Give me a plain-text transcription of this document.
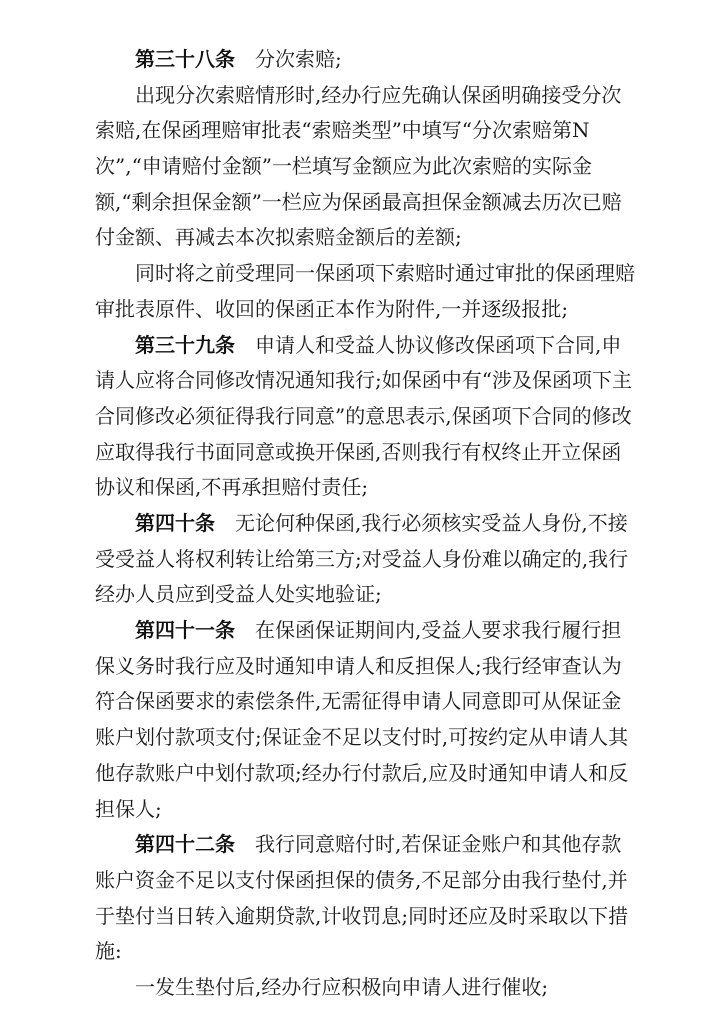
第三十八条 分次索赔;
出现分次索赔情形时,经办行应先确认保函明确接受分次
索赔,在保函理赔审批表“索赔类型”中填写“分次索赔第N
次”,“申请赔付金额”一栏填写金额应为此次索赔的实际金
额,“剩余担保金额”一栏应为保函最高担保金额减去历次已赔
付金额、再减去本次拟索赔金额后的差额;
同时将之前受理同一保函项下索赔时通过审批的保函理赔
审批表原件、收回的保函正本作为附件,一并逐级报批;
第三十九条 申请人和受益人协议修改保函项下合同,申
请人应将合同修改情况通知我行;如保函中有“涉及保函项下主
合同修改必须征得我行同意”的意思表示,保函项下合同的修改
应取得我行书面同意或换开保函,否则我行有权终止开立保函
协议和保函,不再承担赔付责任;
第四十条 无论何种保函,我行必须核实受益人身份,不接
受受益人将权利转让给第三方;对受益人身份难以确定的,我行
经办人员应到受益人处实地验证;
第四十一条 在保函保证期间内,受益人要求我行履行担
保义务时我行应及时通知申请人和反担保人;我行经审查认为
符合保函要求的索偿条件,无需征得申请人同意即可从保证金
账户划付款项支付;保证金不足以支付时,可按约定从申请人其
他存款账户中划付款项;经办行付款后,应及时通知申请人和反
担保人;
第四十二条 我行同意赔付时,若保证金账户和其他存款
账户资金不足以支付保函担保的债务,不足部分由我行垫付,并
于垫付当日转入逾期贷款,计收罚息;同时还应及时采取以下措
施:
一发生垫付后,经办行应积极向申请人进行催收;
